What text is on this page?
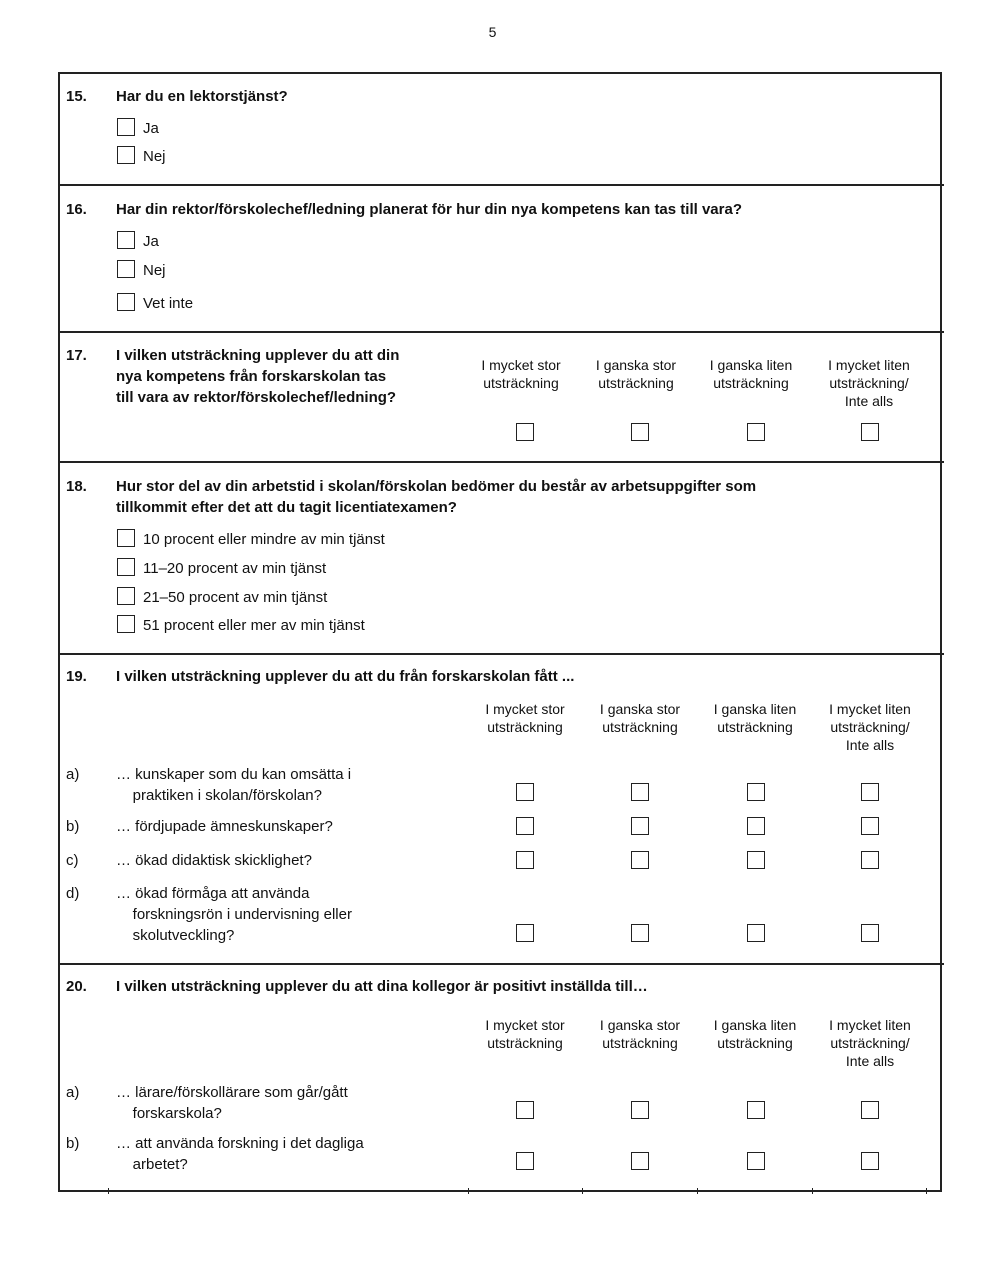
5
15. Har du en lektorstjänst?
Ja
Nej
16. Har din rektor/förskolechef/ledning planerat för hur din nya kompetens kan tas till vara?
Ja
Nej
Vet inte
17. I vilken utsträckning upplever du att din
nya kompetens från forskarskolan tas
till vara av rektor/förskolechef/ledning?
I mycket stor
utsträckning
I ganska stor
utsträckning
I ganska liten
utsträckning
I mycket liten
utsträckning/
Inte alls
18. Hur stor del av din arbetstid i skolan/förskolan bedömer du består av arbetsuppgifter som
tillkommit efter det att du tagit licentiatexamen?
10 procent eller mindre av min tjänst
11–20 procent av min tjänst
21–50 procent av min tjänst
51 procent eller mer av min tjänst
19. I vilken utsträckning upplever du att du från forskarskolan fått ...
I mycket stor
utsträckning
I ganska stor
utsträckning
I ganska liten
utsträckning
I mycket liten
utsträckning/
Inte alls
a) … kunskaper som du kan omsätta i
praktiken i skolan/förskolan?
b) … fördjupade ämneskunskaper?
c)	… ökad didaktisk skicklighet?
d) … ökad förmåga att använda
forskningsrön i undervisning eller
skolutveckling?
20. I vilken utsträckning upplever du att dina kollegor är positivt inställda till…
I mycket stor
utsträckning
I ganska stor
utsträckning
I ganska liten
utsträckning
I mycket liten
utsträckning/
Inte alls
a) … lärare/förskollärare som går/gått
forskarskola?
b) … att använda forskning i det dagliga
arbetet?
